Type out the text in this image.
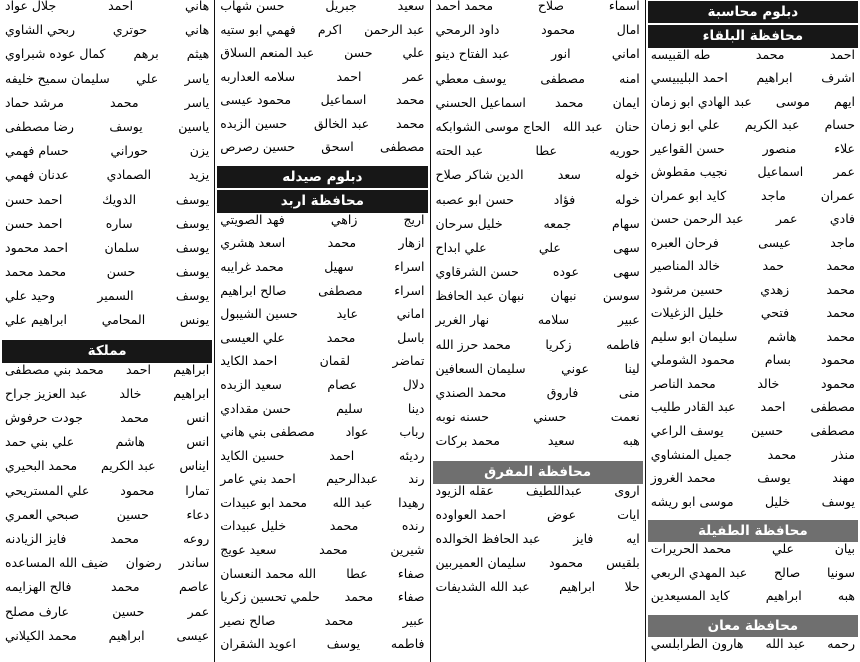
دبلوم محاسبة
محافظة البلقاء
احمد
محمد
طه القبيسه
اشرف
ابراهيم
احمد البليبيسي
ايهم
موسى
عبد الهادي ابو زمان
حسام
عبد الكريم
علي ابو زمان
علاء
منصور
حسن القواعير
عمر
اسماعيل
نجيب مقطوش
عمران
ماجد
كايد ابو عمران
فادي
عمر
عبد الرحمن حسن
ماجد
عيسى
فرحان العبره
محمد
حمد
خالد المناصير
محمد
زهدي
حسين مرشود
محمد
فتحي
خليل الزغيلات
محمد
هاشم
سليمان ابو سليم
محمود
بسام
محمود الشوملي
محمود
خالد
محمد الناصر
مصطفى
احمد
عبد القادر طليب
مصطفى
حسين
يوسف الراعي
منذر
محمد
جميل المنشاوي
مهند
يوسف
محمد الغروز
يوسف
خليل
موسى ابو ريشه
محافظة الطفيلة
بيان
علي
محمد الحريرات
سونيا
صالح
عبد المهدي الربعي
هبه
ابراهيم
كايد المسيعدين
محافظة معان
رحمه
عبد الله
هارون الطرابلسي
اسماء
صلاح
محمد احمد
امال
محمود
داود الرمحي
اماني
انور
عبد الفتاح دينو
امنه
مصطفى
يوسف معطي
ايمان
محمد
اسماعيل الحسني
حنان
عبد الله
الحاج موسى الشوابكه
حوريه
عطا
عبد الحته
خوله
سعد
الدين شاكر صلاح
خوله
فؤاد
حسن ابو عصبه
سهام
جمعه
خليل سرحان
سهى
علي
علي ابداح
سهى
عوده
حسن الشرقاوي
سوسن
نبهان
نبهان عبد الحافظ
عبير
سلامه
نهار الغرير
فاطمه
زكريا
محمد حرز الله
لينا
عوني
سليمان السعافين
منى
فاروق
محمد الصندي
نعمت
حسني
حسنه نوبه
هبه
سعيد
محمد بركات
محافظة المفرق
اروى
عبداللطيف
عقله الزيود
ايات
عوض
احمد العواوده
ايه
فايز
عبد الحافظ الخوالده
بلقيس
محمود
سليمان العميربين
حلا
ابراهيم
عبد الله الشديفات
سعيد
جبريل
حسن شهاب
عبد الرحمن
اكرم
فهمي ابو ستيه
علي
حسن
عبد المنعم السلاق
عمر
احمد
سلامه العداربه
محمد
اسماعيل
محمود عيسى
محمد
عبد الخالق
حسين الزبده
مصطفى
اسحق
حسين رصرص
دبلوم صيدله
محافظة اربد
اريج
زاهي
فهد الصويتي
ازهار
محمد
اسعد هشري
اسراء
سهيل
محمد غرايبه
اسراء
مصطفى
صالح ابراهيم
اماني
عايد
حسين الشيبول
باسل
محمد
علي العيسى
تماضر
لقمان
احمد الكايد
دلال
عصام
سعيد الزبده
دينا
سليم
حسن مقدادي
رباب
عواد
مصطفى بني هاني
رديئه
احمد
حسين الكايد
رند
عبدالرحيم
احمد بني عامر
رهيدا
عبد الله
محمد ابو عبيدات
رنده
محمد
خليل عبيدات
شيرين
محمد
سعيد عويج
صفاء
عطا
الله محمد النعسان
صفاء
محمد
حلمي تحسين زكريا
عبير
محمد
صالح نصير
فاطمه
يوسف
اعويد الشقران
هاني
احمد
جلال عواد
هاني
حوتري
ربحي الشاوي
هيثم
برهم
كمال عوده شبراوي
ياسر
علي
سليمان سميح خليفه
ياسر
محمد
مرشد حماد
ياسين
يوسف
رضا مصطفى
يزن
حوراني
حسام فهمي
يزيد
الصمادي
عدنان فهمي
يوسف
الدويك
احمد حسن
يوسف
ساره
احمد حسن
يوسف
سلمان
احمد محمود
يوسف
حسن
محمد محمد
يوسف
السمير
وحيد علي
يونس
المحامي
ابراهيم علي
مملكة
ابراهيم
احمد
محمد بني مصطفى
ابراهيم
خالد
عبد العزيز جراح
انس
محمد
جودت حرفوش
انس
هاشم
علي بني حمد
ايناس
عبد الكريم
محمد البحيري
تمارا
محمود
علي المستريحي
دعاء
حسين
صبحي العمري
روعه
محمد
فايز الزيادنه
ساندر
رضوان
ضيف الله المساعده
عاصم
محمد
فالح الهزايمه
عمر
حسين
عارف مصلح
عيسى
ابراهيم
محمد الكيلاني
